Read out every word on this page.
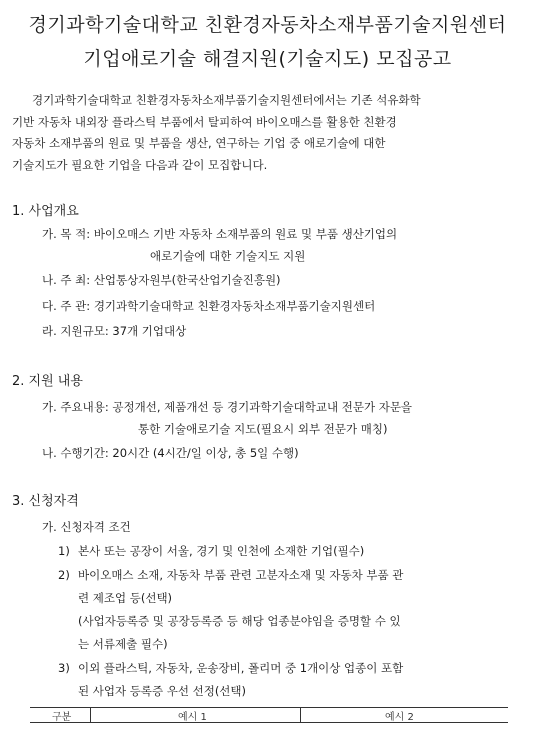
경기과학기술대학교 친환경자동차소재부품기술지원센터
기업애로기술 해결지원(기술지도) 모집공고
경기과학기술대학교 친환경자동차소재부품기술지원센터에서는 기존 석유화학
기반 자동차 내외장 플라스틱 부품에서 탈피하여 바이오매스를 활용한 친환경
자동차 소재부품의 원료 및 부품을 생산, 연구하는 기업 중 애로기술에 대한
기술지도가 필요한 기업을 다음과 같이 모집합니다.
1. 사업개요
가. 목 적: 바이오매스 기반 자동차 소재부품의 원료 및 부품 생산기업의
애로기술에 대한 기술지도 지원
나. 주 최: 산업통상자원부(한국산업기술진흥원)
다. 주 관: 경기과학기술대학교 친환경자동차소재부품기술지원센터
라. 지원규모: 37개 기업대상
2. 지원 내용
가. 주요내용: 공정개선, 제품개선 등 경기과학기술대학교내 전문가 자문을
통한 기술애로기술 지도(필요시 외부 전문가 매칭)
나. 수행기간: 20시간 (4시간/일 이상, 총 5일 수행)
3. 신청자격
가. 신청자격 조건
1) 본사 또는 공장이 서울, 경기 및 인천에 소재한 기업(필수)
2) 바이오매스 소재, 자동차 부품 관련 고분자소재 및 자동차 부품 관
련 제조업 등(선택)
(사업자등록증 및 공장등록증 등 해당 업종분야임을 증명할 수 있
는 서류제출 필수)
3) 이외 플라스틱, 자동차, 운송장비, 폴리머 중 1개이상 업종이 포함
된 사업자 등록증 우선 선정(선택)
구분	예시 1	예시 2
